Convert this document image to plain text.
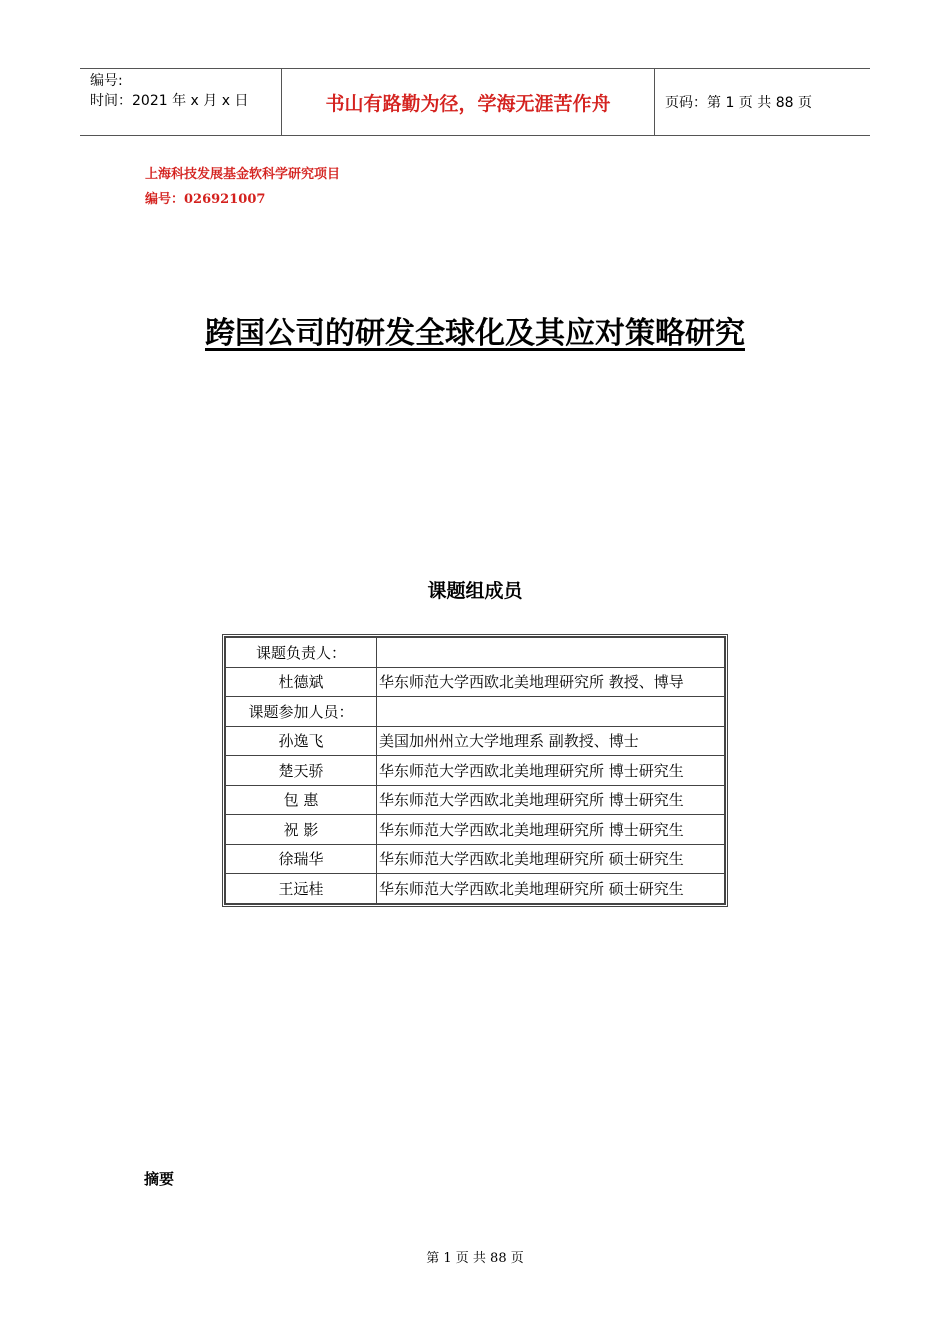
编号:
时间：2021 年 x 月 x 日	书山有路勤为径，学海无涯苦作舟	页码：第 1 页 共 88 页
上海科技发展基金软科学研究项目
编号：026921007
跨国公司的研发全球化及其应对策略研究
课题组成员
课题负责人：	
杜德斌	华东师范大学西欧北美地理研究所 教授、博导
课题参加人员：	
孙逸飞	美国加州州立大学地理系 副教授、博士
楚天骄	华东师范大学西欧北美地理研究所 博士研究生
包 惠	华东师范大学西欧北美地理研究所 博士研究生
祝 影	华东师范大学西欧北美地理研究所 博士研究生
徐瑞华	华东师范大学西欧北美地理研究所 硕士研究生
王远桂	华东师范大学西欧北美地理研究所 硕士研究生
摘要
第 1 页 共 88 页
